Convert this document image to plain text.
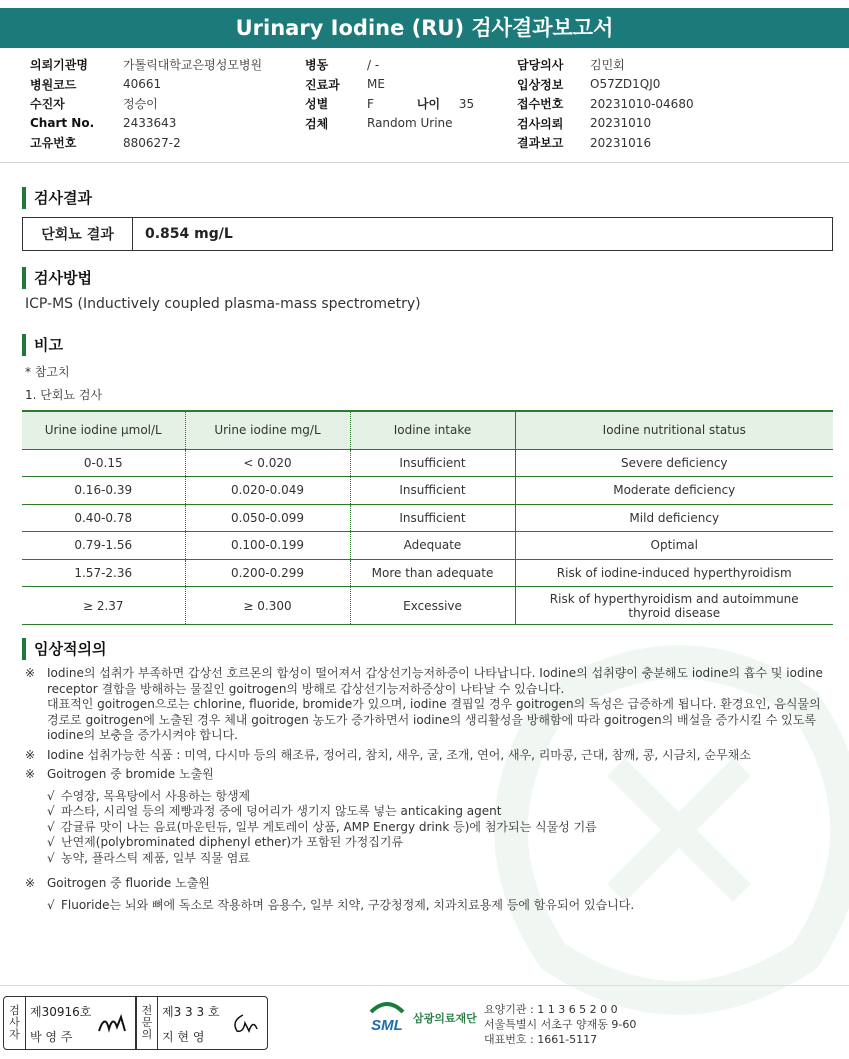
Urinary Iodine (RU) 검사결과보고서
의뢰기관명	가톨릭대학교은평성모병원
병원코드	40661
수진자	정승이
Chart No.	2433643
고유번호	880627-2
병동	/ -
진료과	ME
성별	F	나이	35
검체	Random Urine
담당의사	김민회
입상정보	O57ZD1QJ0
접수번호	20231010-04680
검사의뢰	20231010
결과보고	20231016
검사결과
단회뇨 결과	0.854 mg/L
검사방법
ICP-MS (Inductively coupled plasma-mass spectrometry)
비고
* 참고치
1. 단회뇨 검사
Urine iodine μmol/L	Urine iodine mg/L	Iodine intake	Iodine nutritional status
0-0.15	< 0.020	Insufficient	Severe deficiency
0.16-0.39	0.020-0.049	Insufficient	Moderate deficiency
0.40-0.78	0.050-0.099	Insufficient	Mild deficiency
0.79-1.56	0.100-0.199	Adequate	Optimal
1.57-2.36	0.200-0.299	More than adequate	Risk of iodine-induced hyperthyroidism
≥ 2.37	≥ 0.300	Excessive	Risk of hyperthyroidism and autoimmune thyroid disease
임상적의의
※ Iodine의 섭취가 부족하면 갑상선 호르몬의 합성이 떨어져서 갑상선기능저하증이 나타납니다. Iodine의 섭취량이 충분해도 iodine의 흡수 및 iodine receptor 결합을 방해하는 물질인 goitrogen의 방해로 갑상선기능저하증상이 나타날 수 있습니다.
대표적인 goitrogen으로는 chlorine, fluoride, bromide가 있으며, iodine 결핍일 경우 goitrogen의 독성은 급증하게 됩니다. 환경요인, 음식물의 경로로 goitrogen에 노출된 경우 체내 goitrogen 농도가 증가하면서 iodine의 생리활성을 방해함에 따라 goitrogen의 배설을 증가시킬 수 있도록 iodine의 보충을 증가시켜야 합니다.
※ Iodine 섭취가능한 식품 : 미역, 다시마 등의 해조류, 정어리, 참치, 새우, 굴, 조개, 연어, 새우, 리마콩, 근대, 참깨, 콩, 시금치, 순무채소
※ Goitrogen 중 bromide 노출원
√ 수영장, 목욕탕에서 사용하는 항생제
√ 파스타, 시리얼 등의 제빵과정 중에 덩어리가 생기지 않도록 넣는 anticaking agent
√ 감귤류 맛이 나는 음료(마운틴듀, 일부 게토레이 상품, AMP Energy drink 등)에 첨가되는 식물성 기름
√ 난연제(polybrominated diphenyl ether)가 포함된 가정집기류
√ 농약, 플라스틱 제품, 일부 직물 염료
※ Goitrogen 중 fluoride 노출원
√ Fluoride는 뇌와 뼈에 독소로 작용하며 음용수, 일부 치약, 구강청정제, 치과치료용제 등에 함유되어 있습니다.
검
사
자
제30916호
박 영 주
전
문
의
제3 3 3 호
지 현 영
SML 삼광의료재단
요양기관 : 1 1 3 6 5 2 0 0
서울특별시 서초구 양재동 9-60
대표번호 : 1661-5117
